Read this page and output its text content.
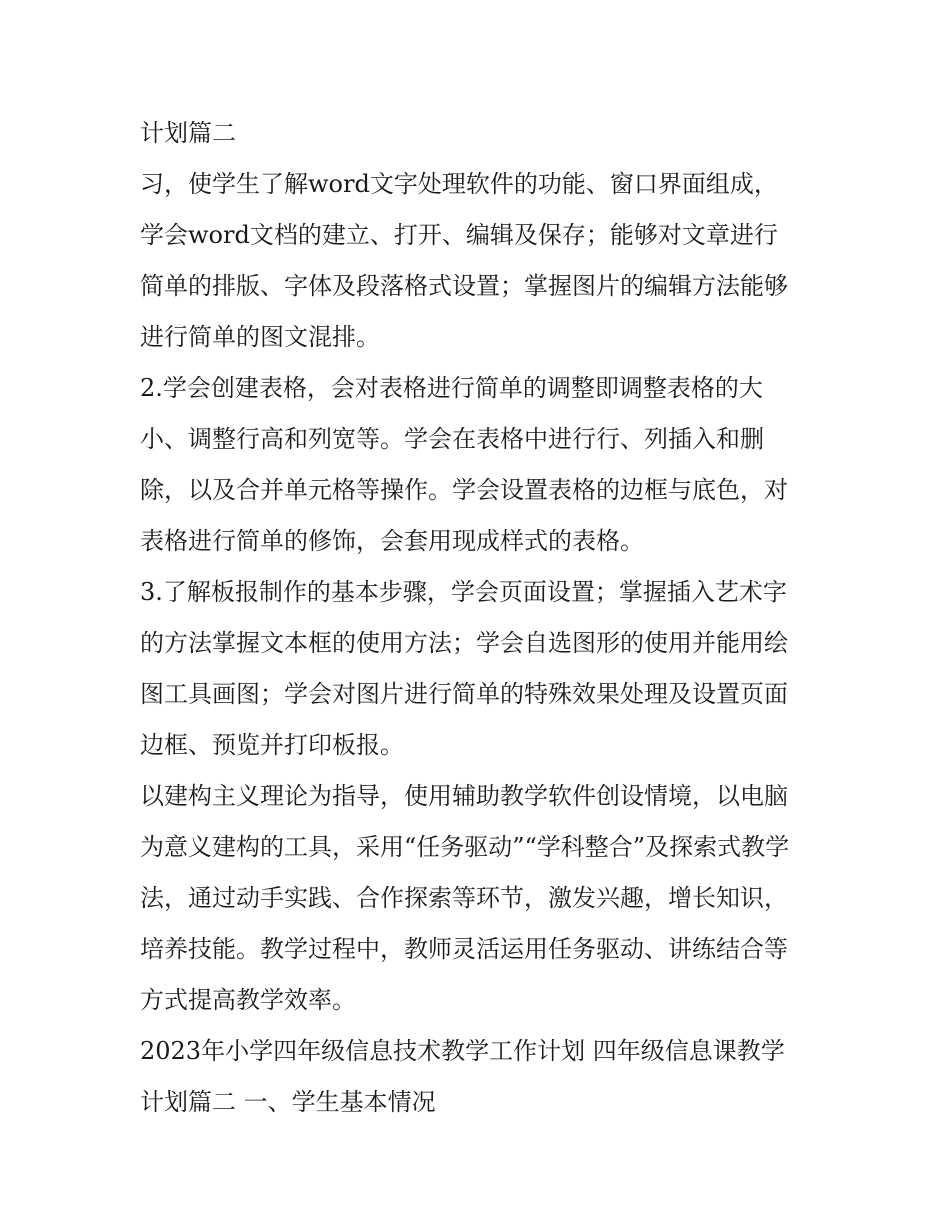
计划篇二
习，使学生了解word文字处理软件的功能、窗口界面组成，
学会word文档的建立、打开、编辑及保存；能够对文章进行
简单的排版、字体及段落格式设置；掌握图片的编辑方法能够
进行简单的图文混排。
2.学会创建表格，会对表格进行简单的调整即调整表格的大
小、调整行高和列宽等。学会在表格中进行行、列插入和删
除，以及合并单元格等操作。学会设置表格的边框与底色，对
表格进行简单的修饰，会套用现成样式的表格。
3.了解板报制作的基本步骤，学会页面设置；掌握插入艺术字
的方法掌握文本框的使用方法；学会自选图形的使用并能用绘
图工具画图；学会对图片进行简单的特殊效果处理及设置页面
边框、预览并打印板报。
以建构主义理论为指导，使用辅助教学软件创设情境，以电脑
为意义建构的工具，采用“任务驱动”“学科整合”及探索式教学
法，通过动手实践、合作探索等环节，激发兴趣，增长知识，
培养技能。教学过程中，教师灵活运用任务驱动、讲练结合等
方式提高教学效率。
2023年小学四年级信息技术教学工作计划 四年级信息课教学
计划篇二 一、学生基本情况
